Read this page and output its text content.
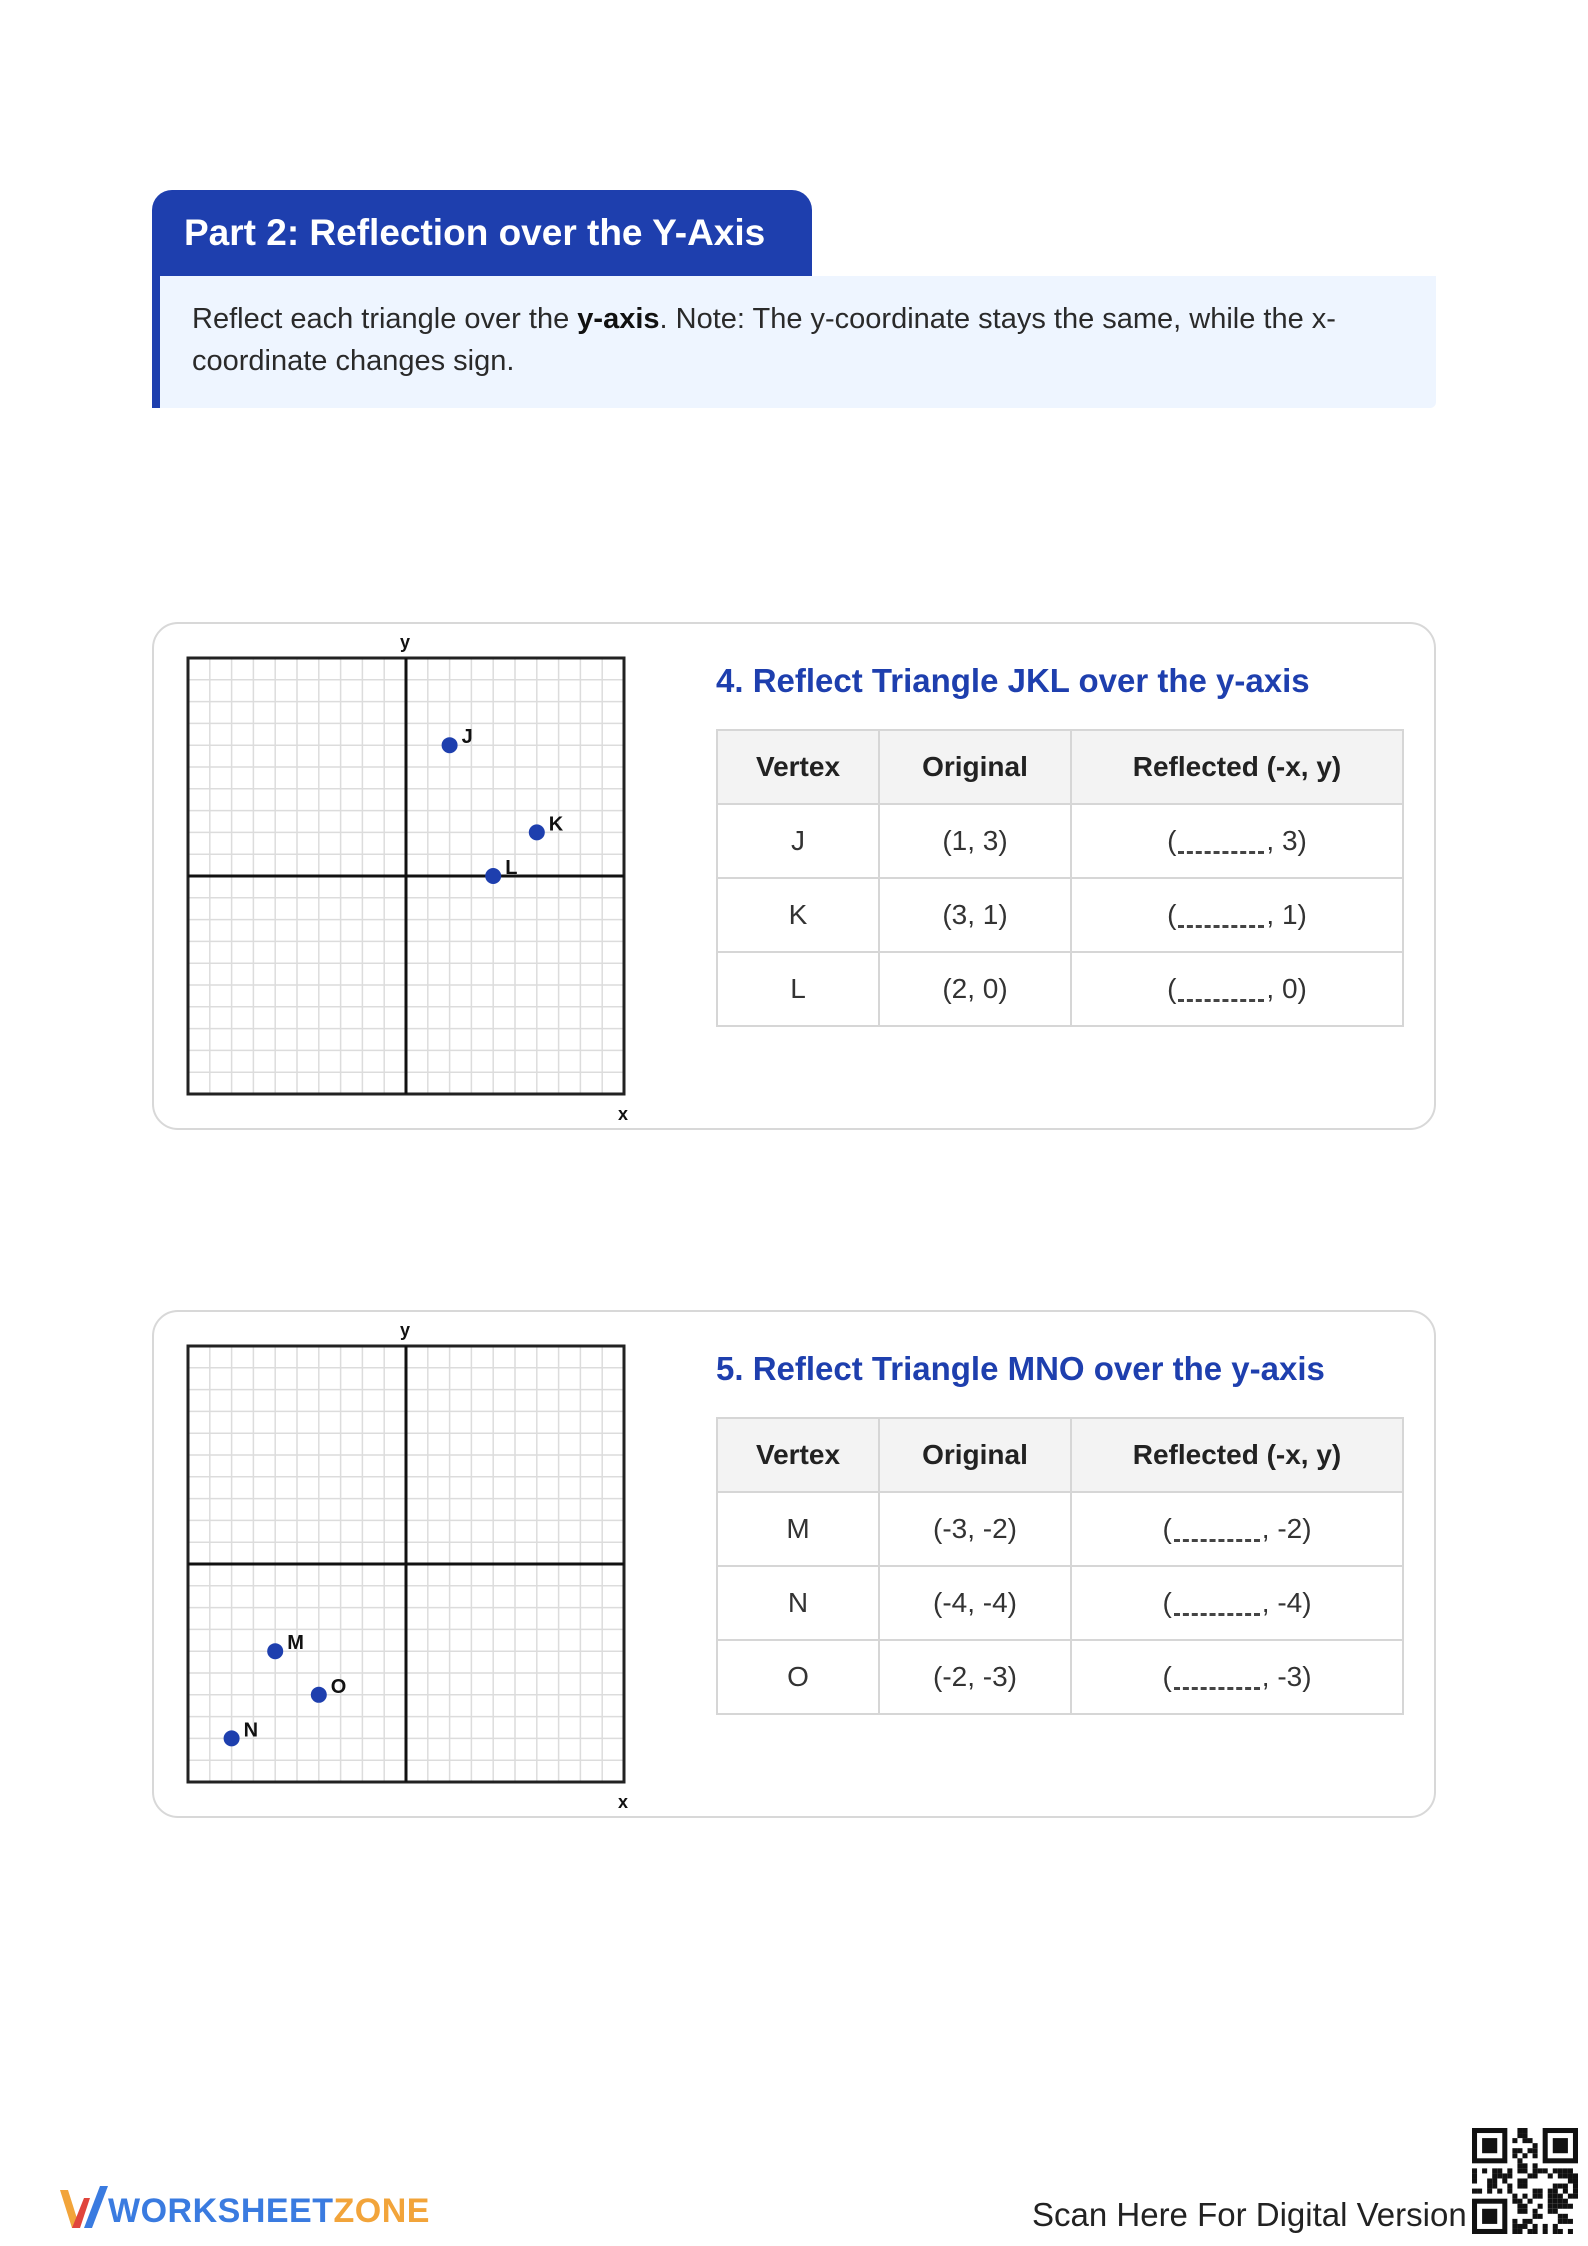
Part 2: Reflection over the Y-Axis
Reflect each triangle over the y-axis. Note: The y-coordinate stays the same, while the x-coordinate changes sign.
x
y
J
K
L
4. Reflect Triangle JKL over the y-axis
Vertex	Original	Reflected (-x, y)
J	(1, 3)	( , 3)
K	(3, 1)	( , 1)
L	(2, 0)	( , 0)
x
y
M
N
O
5. Reflect Triangle MNO over the y-axis
Vertex	Original	Reflected (-x, y)
M	(-3, -2)	( , -2)
N	(-4, -4)	( , -4)
O	(-2, -3)	( , -3)
WORKSHEETZONE	Scan Here For Digital Version
